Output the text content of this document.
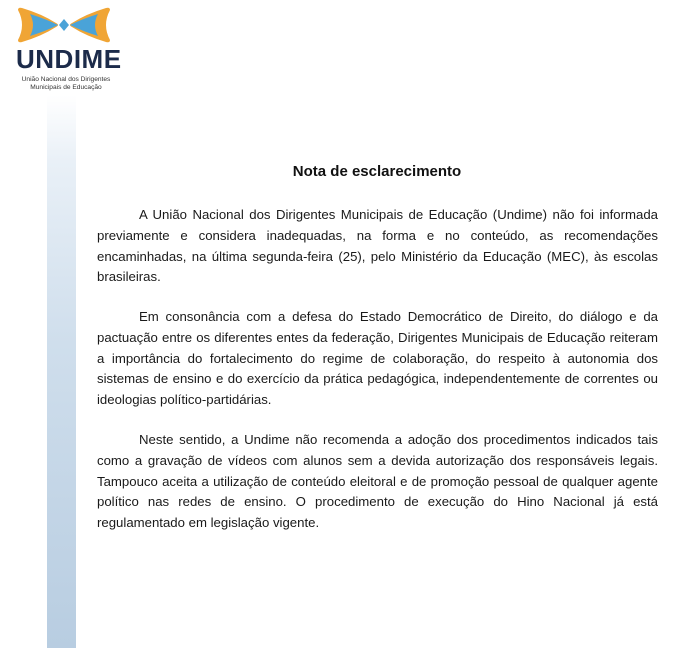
UNDIME
União Nacional dos Dirigentes
Municipais de Educação
Nota de esclarecimento

A União Nacional dos Dirigentes Municipais de Educação (Undime) não foi informada previamente e considera inadequadas, na forma e no conteúdo, as recomendações encaminhadas, na última segunda-feira (25), pelo Ministério da Educação (MEC), às escolas brasileiras.

Em consonância com a defesa do Estado Democrático de Direito, do diálogo e da pactuação entre os diferentes entes da federação, Dirigentes Municipais de Educação reiteram a importância do fortalecimento do regime de colaboração, do respeito à autonomia dos sistemas de ensino e do exercício da prática pedagógica, independentemente de correntes ou ideologias político-partidárias.

Neste sentido, a Undime não recomenda a adoção dos procedimentos indicados tais como a gravação de vídeos com alunos sem a devida autorização dos responsáveis legais. Tampouco aceita a utilização de conteúdo eleitoral e de promoção pessoal de qualquer agente político nas redes de ensino. O procedimento de execução do Hino Nacional já está regulamentado em legislação vigente.
